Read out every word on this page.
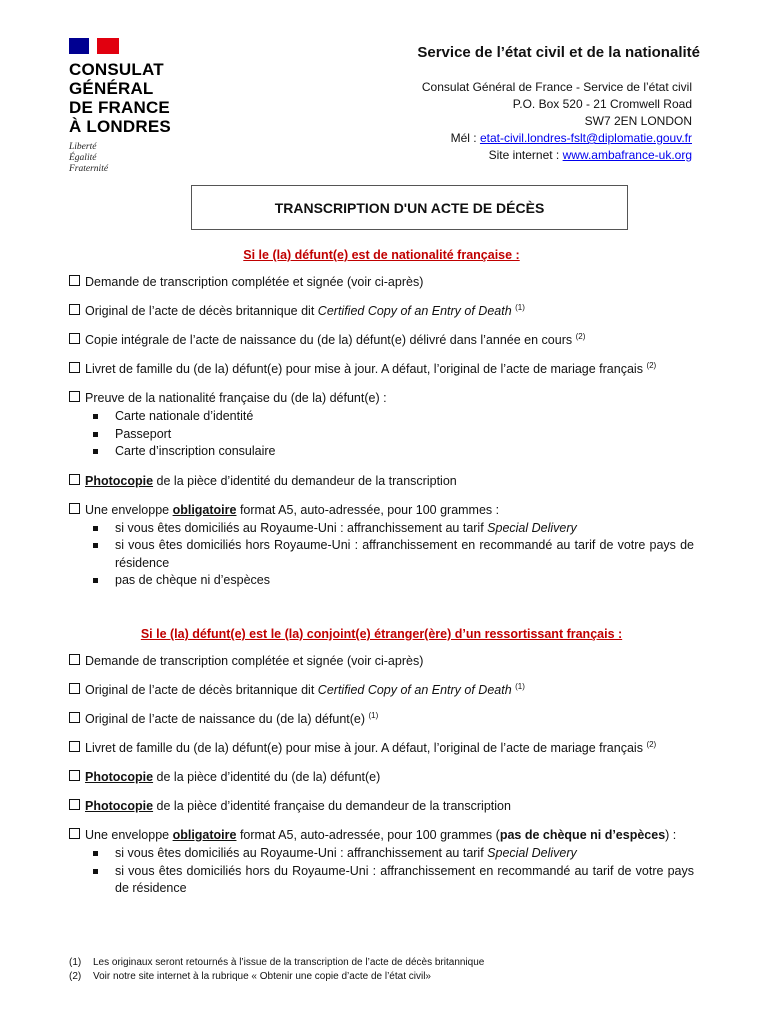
CONSULAT
GÉNÉRAL
DE FRANCE
À LONDRES
Liberté
Égalité
Fraternité
Service de l’état civil et de la nationalité
Consulat Général de France - Service de l’état civil
P.O. Box 520 - 21 Cromwell Road
SW7 2EN LONDON
Mél : etat-civil.londres-fslt@diplomatie.gouv.fr
Site internet : www.ambafrance-uk.org
TRANSCRIPTION D'UN ACTE DE DÉCÈS
Si le (la) défunt(e) est de nationalité française :
Demande de transcription complétée et signée (voir ci-après)
Original de l’acte de décès britannique dit Certified Copy of an Entry of Death $^{(1)}$
Copie intégrale de l’acte de naissance du (de la) défunt(e) délivré dans l’année en cours $^{(2)}$
Livret de famille du (de la) défunt(e) pour mise à jour. A défaut, l’original de l’acte de mariage français $^{(2)}$
Preuve de la nationalité française du (de la) défunt(e) :
Carte nationale d’identité
Passeport
Carte d’inscription consulaire
Photocopie de la pièce d’identité du demandeur de la transcription
Une enveloppe obligatoire format A5, auto-adressée, pour 100 grammes :
si vous êtes domiciliés au Royaume-Uni : affranchissement au tarif Special Delivery
si vous êtes domiciliés hors Royaume-Uni : affranchissement en recommandé au tarif de votre pays de résidence
pas de chèque ni d’espèces
Si le (la) défunt(e) est le (la) conjoint(e) étranger(ère) d’un ressortissant français :
Demande de transcription complétée et signée (voir ci-après)
Original de l’acte de décès britannique dit Certified Copy of an Entry of Death $^{(1)}$
Original de l’acte de naissance du (de la) défunt(e) $^{(1)}$
Livret de famille du (de la) défunt(e) pour mise à jour. A défaut, l’original de l’acte de mariage français $^{(2)}$
Photocopie de la pièce d’identité du (de la) défunt(e)
Photocopie de la pièce d’identité française du demandeur de la transcription
Une enveloppe obligatoire format A5, auto-adressée, pour 100 grammes (pas de chèque ni d’espèces) :
si vous êtes domiciliés au Royaume-Uni : affranchissement au tarif Special Delivery
si vous êtes domiciliés hors du Royaume-Uni : affranchissement en recommandé au tarif de votre pays de résidence
(1) Les originaux seront retournés à l’issue de la transcription de l’acte de décès britannique
(2) Voir notre site internet à la rubrique « Obtenir une copie d’acte de l’état civil»
